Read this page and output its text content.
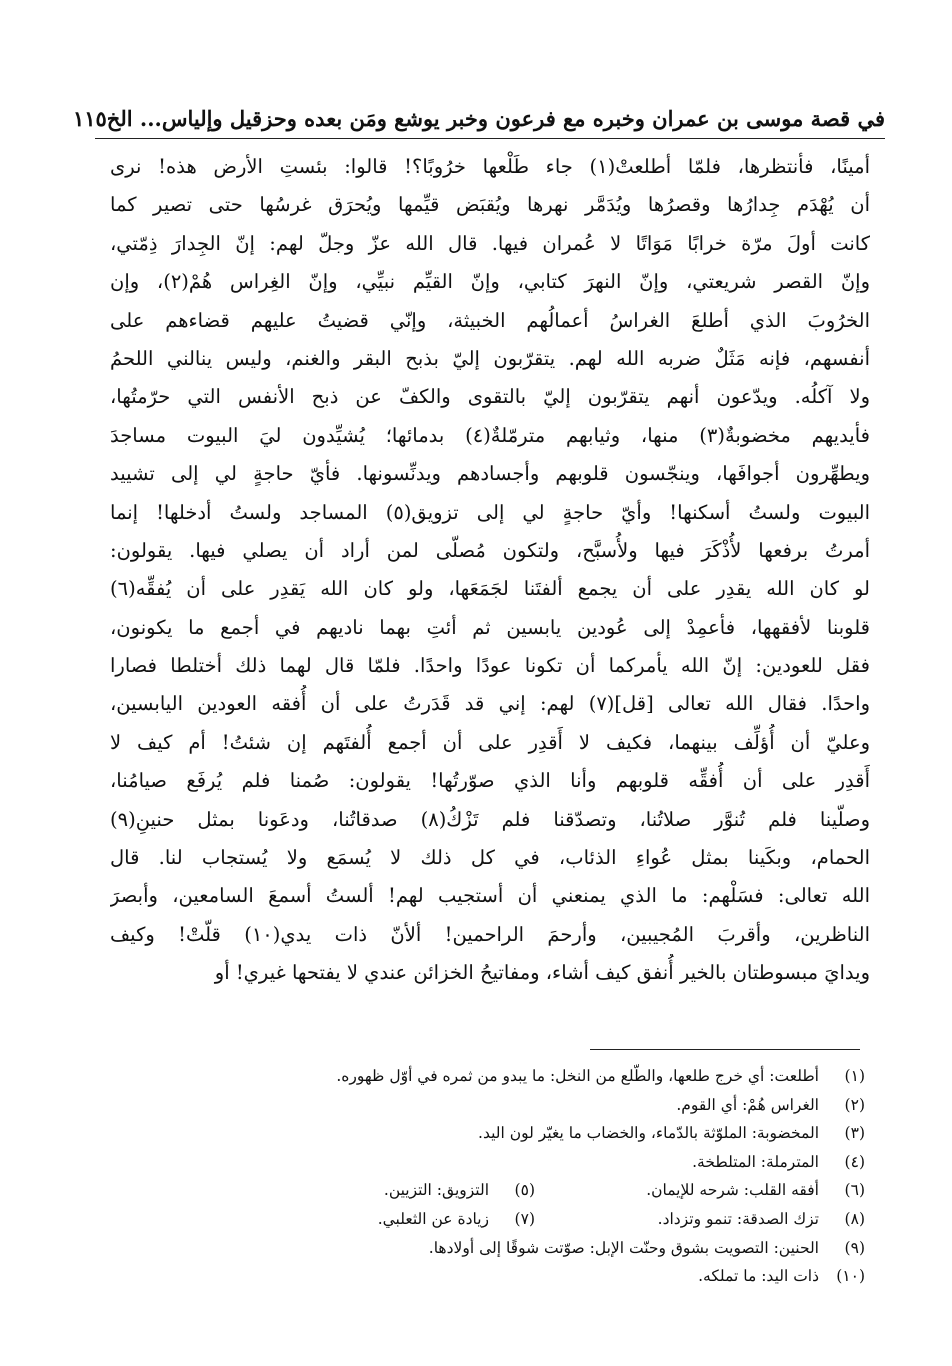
في قصة موسى بن عمران وخبره مع فرعون وخبر يوشع ومَن بعده وحزقيل وإلياس... الخ
١١٥
أمينًا، فأنتظرها، فلمّا أطلعتْ(١) جاء طَلْعها خرُوبًا؟! قالوا: بئستِ الأرض هذه! نرى
أن يُهْدَم جِدارُها وقصرُها ويُدَمَّر نهرها ويُقبَض قيِّمها ويُحرَق غرسُها حتى تصير كما
كانت أولَ مرّة خرابًا مَوَاتًا لا عُمران فيها. قال الله عزّ وجلّ لهم: إنّ الجِدارَ ذِمّتي،
وإنّ القصر شريعتي، وإنّ النهرَ كتابي، وإنّ القيِّم نبيِّي، وإنّ الغِراس هُمْ(٢)، وإن
الخرُوبَ الذي أطلعَ الغراسُ أعمالُهم الخبيثة، وإنّي قضيتُ عليهم قضاءهم على
أنفسهم، فإنه مَثَلٌ ضربه الله لهم. يتقرّبون إليّ بذبح البقر والغنم، وليس ينالني اللحمُ
ولا آكلُه. ويدّعون أنهم يتقرّبون إليّ بالتقوى والكفّ عن ذبح الأنفس التي حرّمتُها،
فأيديهم مخضوبةٌ(٣) منها، وثيابهم مترمّلةٌ(٤) بدمائها؛ يُشيِّدون ليَ البيوت مساجدَ
ويطهِّرون أجوافَها، وينجّسون قلوبهم وأجسادهم ويدنِّسونها. فأيّ حاجةٍ لي إلى تشييد
البيوت ولستُ أسكنها! وأيّ حاجةٍ لي إلى تزويق(٥) المساجد ولستُ أدخلها! إنما
أمرتُ برفعها لأُذْكَرَ فيها ولأُسبَّح، ولتكون مُصلّى لمن أراد أن يصلي فيها. يقولون:
لو كان الله يقدِر على أن يجمع ألفتَنا لجَمَعَها، ولو كان الله يَقدِر على أن يُفقِّه(٦)
قلوبنا لأفقهها، فأعمِدْ إلى عُودين يابسين ثم أئتِ بهما ناديهم في أجمع ما يكونون،
فقل للعودين: إنّ الله يأمركما أن تكونا عودًا واحدًا. فلمّا قال لهما ذلك أختلطا فصارا
واحدًا. فقال الله تعالى [قل](٧) لهم: إني قد قَدَرتُ على أن أُفقه العودين اليابسين،
وعليّ أن أُؤلِّف بينهما، فكيف لا أَقدِر على أن أجمع أُلفتَهم إن شئتُ! أم كيف لا
أَقدِر على أن أُفقِّه قلوبهم وأنا الذي صوّرتُها! يقولون: صُمنا فلم يُرفَع صيامُنا،
وصلّينا فلم تُنوَّر صلاتُنا، وتصدّقنا فلم تَزْكُ(٨) صدقاتُنا، ودعَونا بمثل حنينِ(٩)
الحمام، وبكَينا بمثل عُواءِ الذئاب، في كل ذلك لا يُسمَع ولا يُستجاب لنا. قال
الله تعالى: فسَلْهم: ما الذي يمنعني أن أستجيب لهم! ألستُ أسمعَ السامعين، وأبصرَ
الناظرين، وأقربَ المُجيبين، وأرحمَ الراحمين! ألأنّ ذات يدي(١٠) قلّتْ! وكيف
ويدايَ مبسوطتان بالخير أُنفق كيف أشاء، ومفاتيحُ الخزائن عندي لا يفتحها غيري! أو
(١)
أطلعت: أي خرج طلعها، والطّلع من النخل: ما يبدو من ثمره في أوّل ظهوره.
(٢)
الغراس هُمْ: أي القوم.
(٣)
المخضوبة: الملوّثة بالدّماء، والخضاب ما يغيّر لون اليد.
(٤)
المترملة: المتلطخة.
(٦)
أفقه القلب: شرحه للإيمان.
(٥)
التزويق: التزيين.
(٨)
تزك الصدقة: تنمو وتزداد.
(٧)
زيادة عن الثعلبي.
(٩)
الحنين: التصويت بشوق وحنّت الإبل: صوّتت شوقًا إلى أولادها.
(١٠)
ذات اليد: ما تملكه.
